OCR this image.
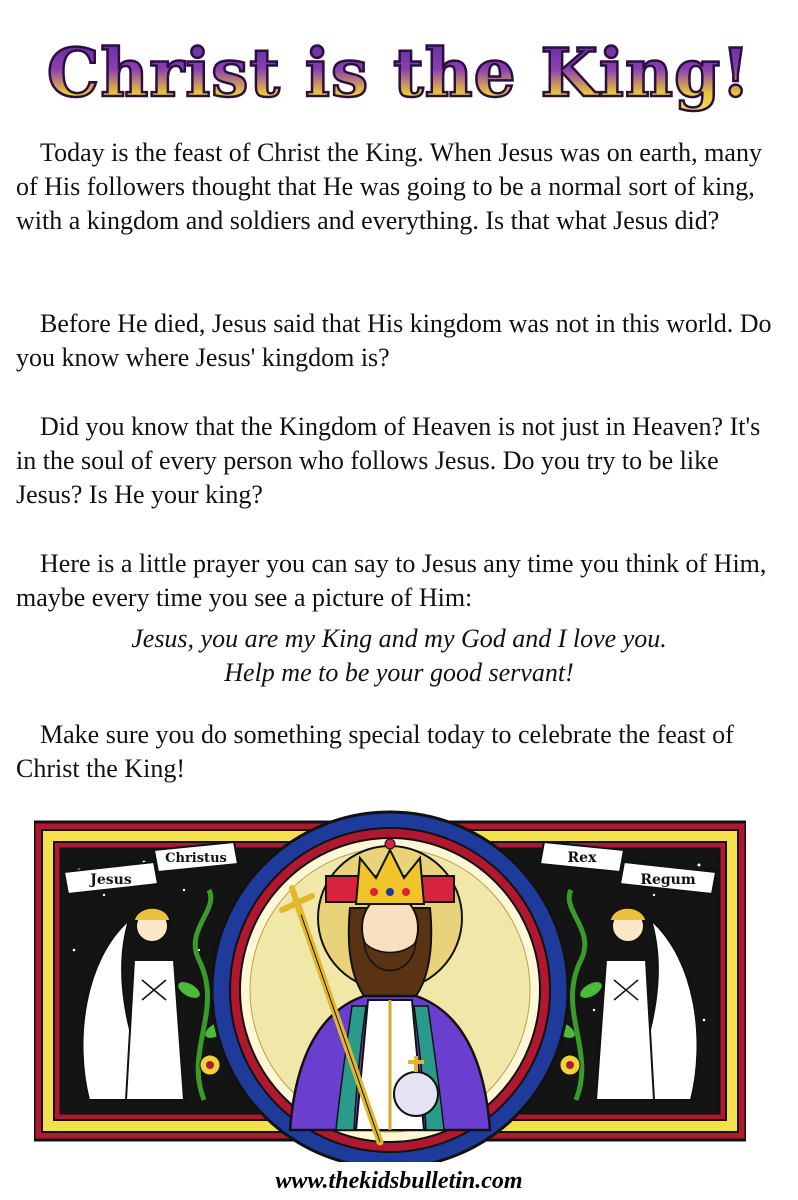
Christ is the King!

Today is the feast of Christ the King. When Jesus was on earth, many of His followers thought that He was going to be a normal sort of king, with a kingdom and soldiers and everything. Is that what Jesus did?

Before He died, Jesus said that His kingdom was not in this world. Do you know where Jesus' kingdom is?

Did you know that the Kingdom of Heaven is not just in Heaven? It's in the soul of every person who follows Jesus. Do you try to be like Jesus? Is He your king?

Here is a little prayer you can say to Jesus any time you think of Him, maybe every time you see a picture of Him:

Jesus, you are my King and my God and I love you.
Help me to be your good servant!

Make sure you do something special today to celebrate the feast of Christ the King!

Jesus
Christus	Rex
Regum
www.thekidsbulletin.com
